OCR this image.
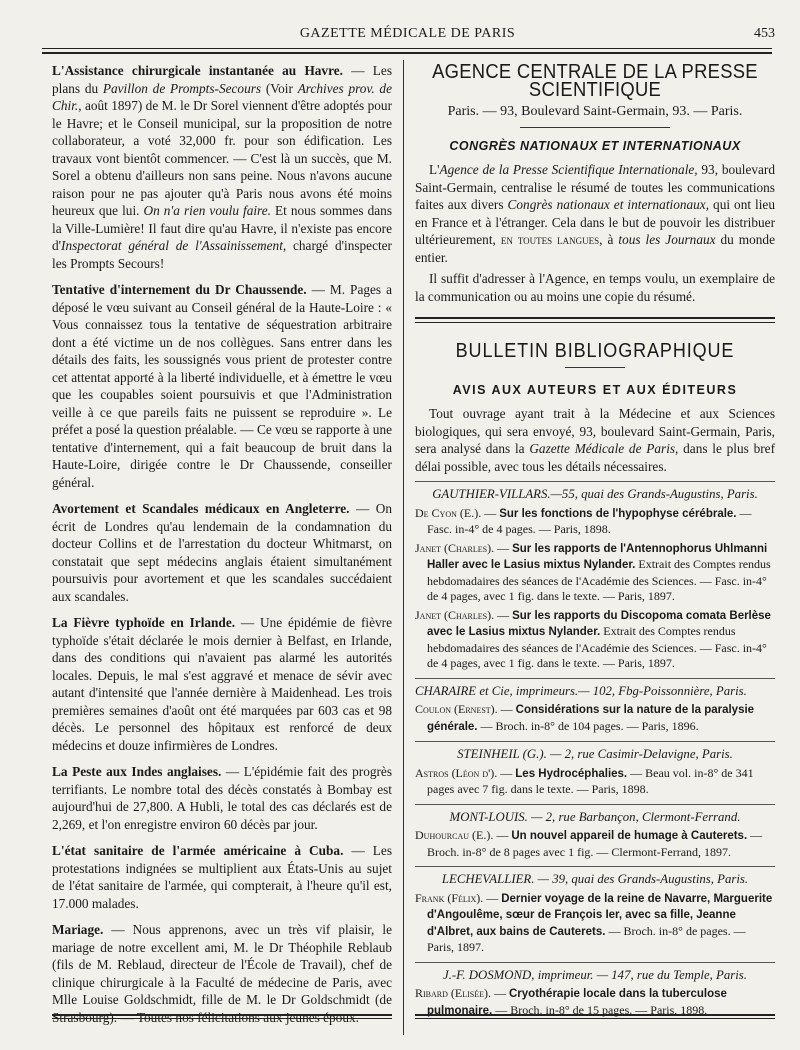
GAZETTE MÉDICALE DE PARIS	453

L'Assistance chirurgicale instantanée au Havre. — Les plans du Pavillon de Prompts-Secours (Voir Archives prov. de Chir., août 1897) de M. le Dr Sorel viennent d'être adoptés pour le Havre; et le Conseil municipal, sur la proposition de notre collaborateur, a voté 32,000 fr. pour son édification. Les travaux vont bientôt commencer. — C'est là un succès, que M. Sorel a obtenu d'ailleurs non sans peine. Nous n'avons aucune raison pour ne pas ajouter qu'à Paris nous avons été moins heureux que lui. On n'a rien voulu faire. Et nous sommes dans la Ville-Lumière! Il faut dire qu'au Havre, il n'existe pas encore d'Inspectorat général de l'Assainissement, chargé d'inspecter les Prompts Secours!

Tentative d'internement du Dr Chaussende. — M. Pages a déposé le vœu suivant au Conseil général de la Haute-Loire : « Vous connaissez tous la tentative de séquestration arbitraire dont a été victime un de nos collègues. Sans entrer dans les détails des faits, les soussignés vous prient de protester contre cet attentat apporté à la liberté individuelle, et à émettre le vœu que les coupables soient poursuivis et que l'Administration veille à ce que pareils faits ne puissent se reproduire ». Le préfet a posé la question préalable. — Ce vœu se rapporte à une tentative d'internement, qui a fait beaucoup de bruit dans la Haute-Loire, dirigée contre le Dr Chaussende, conseiller général.

Avortement et Scandales médicaux en Angleterre. — On écrit de Londres qu'au lendemain de la condamnation du docteur Collins et de l'arrestation du docteur Whitmarst, on constatait que sept médecins anglais étaient simultanément poursuivis pour avortement et que les scandales succédaient aux scandales.

La Fièvre typhoïde en Irlande. — Une épidémie de fièvre typhoïde s'était déclarée le mois dernier à Belfast, en Irlande, dans des conditions qui n'avaient pas alarmé les autorités locales. Depuis, le mal s'est aggravé et menace de sévir avec autant d'intensité que l'année dernière à Maidenhead. Les trois premières semaines d'août ont été marquées par 603 cas et 98 décès. Le personnel des hôpitaux est renforcé de deux médecins et douze infirmières de Londres.

La Peste aux Indes anglaises. — L'épidémie fait des progrès terrifiants. Le nombre total des décès constatés à Bombay est aujourd'hui de 27,800. A Hubli, le total des cas déclarés est de 2,269, et l'on enregistre environ 60 décès par jour.

L'état sanitaire de l'armée américaine à Cuba. — Les protestations indignées se multiplient aux États-Unis au sujet de l'état sanitaire de l'armée, qui compterait, à l'heure qu'il est, 17.000 malades.

Mariage. — Nous apprenons, avec un très vif plaisir, le mariage de notre excellent ami, M. le Dr Théophile Reblaub (fils de M. Reblaud, directeur de l'École de Travail), chef de clinique chirurgicale à la Faculté de médecine de Paris, avec Mlle Louise Goldschmidt, fille de M. le Dr Goldschmidt (de Strasbourg). — Toutes nos félicitations aux jeunes époux.

AGENCE CENTRALE DE LA PRESSE SCIENTIFIQUE
Paris. — 93, Boulevard Saint-Germain, 93. — Paris.
CONGRÈS NATIONAUX ET INTERNATIONAUX

L'Agence de la Presse Scientifique Internationale, 93, boulevard Saint-Germain, centralise le résumé de toutes les communications faites aux divers Congrès nationaux et internationaux, qui ont lieu en France et à l'étranger. Cela dans le but de pouvoir les distribuer ultérieurement, en toutes langues, à tous les Journaux du monde entier.

Il suffit d'adresser à l'Agence, en temps voulu, un exemplaire de la communication ou au moins une copie du résumé.

BULLETIN BIBLIOGRAPHIQUE
AVIS AUX AUTEURS ET AUX ÉDITEURS

Tout ouvrage ayant trait à la Médecine et aux Sciences biologiques, qui sera envoyé, 93, boulevard Saint-Germain, Paris, sera analysé dans la Gazette Médicale de Paris, dans le plus bref délai possible, avec tous les détails nécessaires.

GAUTHIER-VILLARS.—55, quai des Grands-Augustins, Paris.

De Cyon (E.). — Sur les fonctions de l'hypophyse cérébrale. — Fasc. in-4° de 4 pages. — Paris, 1898.

Janet (Charles). — Sur les rapports de l'Antennophorus Uhlmanni Haller avec le Lasius mixtus Nylander. Extrait des Comptes rendus hebdomadaires des séances de l'Académie des Sciences. — Fasc. in-4° de 4 pages, avec 1 fig. dans le texte. — Paris, 1897.

Janet (Charles). — Sur les rapports du Discopoma comata Berlèse avec le Lasius mixtus Nylander. Extrait des Comptes rendus hebdomadaires des séances de l'Académie des Sciences. — Fasc. in-4° de 4 pages, avec 1 fig. dans le texte. — Paris, 1897.

CHARAIRE et Cie, imprimeurs.— 102, Fbg-Poissonnière, Paris.

Coulon (Ernest). — Considérations sur la nature de la paralysie générale. — Broch. in-8° de 104 pages. — Paris, 1896.

STEINHEIL (G.). — 2, rue Casimir-Delavigne, Paris.

Astros (Léon d'). — Les Hydrocéphalies. — Beau vol. in-8° de 341 pages avec 7 fig. dans le texte. — Paris, 1898.

MONT-LOUIS. — 2, rue Barbançon, Clermont-Ferrand.

Duhourcau (E.). — Un nouvel appareil de humage à Cauterets. — Broch. in-8° de 8 pages avec 1 fig. — Clermont-Ferrand, 1897.

LECHEVALLIER. — 39, quai des Grands-Augustins, Paris.

Frank (Félix). — Dernier voyage de la reine de Navarre, Marguerite d'Angoulême, sœur de François Ier, avec sa fille, Jeanne d'Albret, aux bains de Cauterets. — Broch. in-8° de pages. — Paris, 1897.

J.-F. DOSMOND, imprimeur. — 147, rue du Temple, Paris.

Ribard (Elisée). — Cryothérapie locale dans la tuberculose pulmonaire. — Broch. in-8° de 15 pages. — Paris, 1898.
